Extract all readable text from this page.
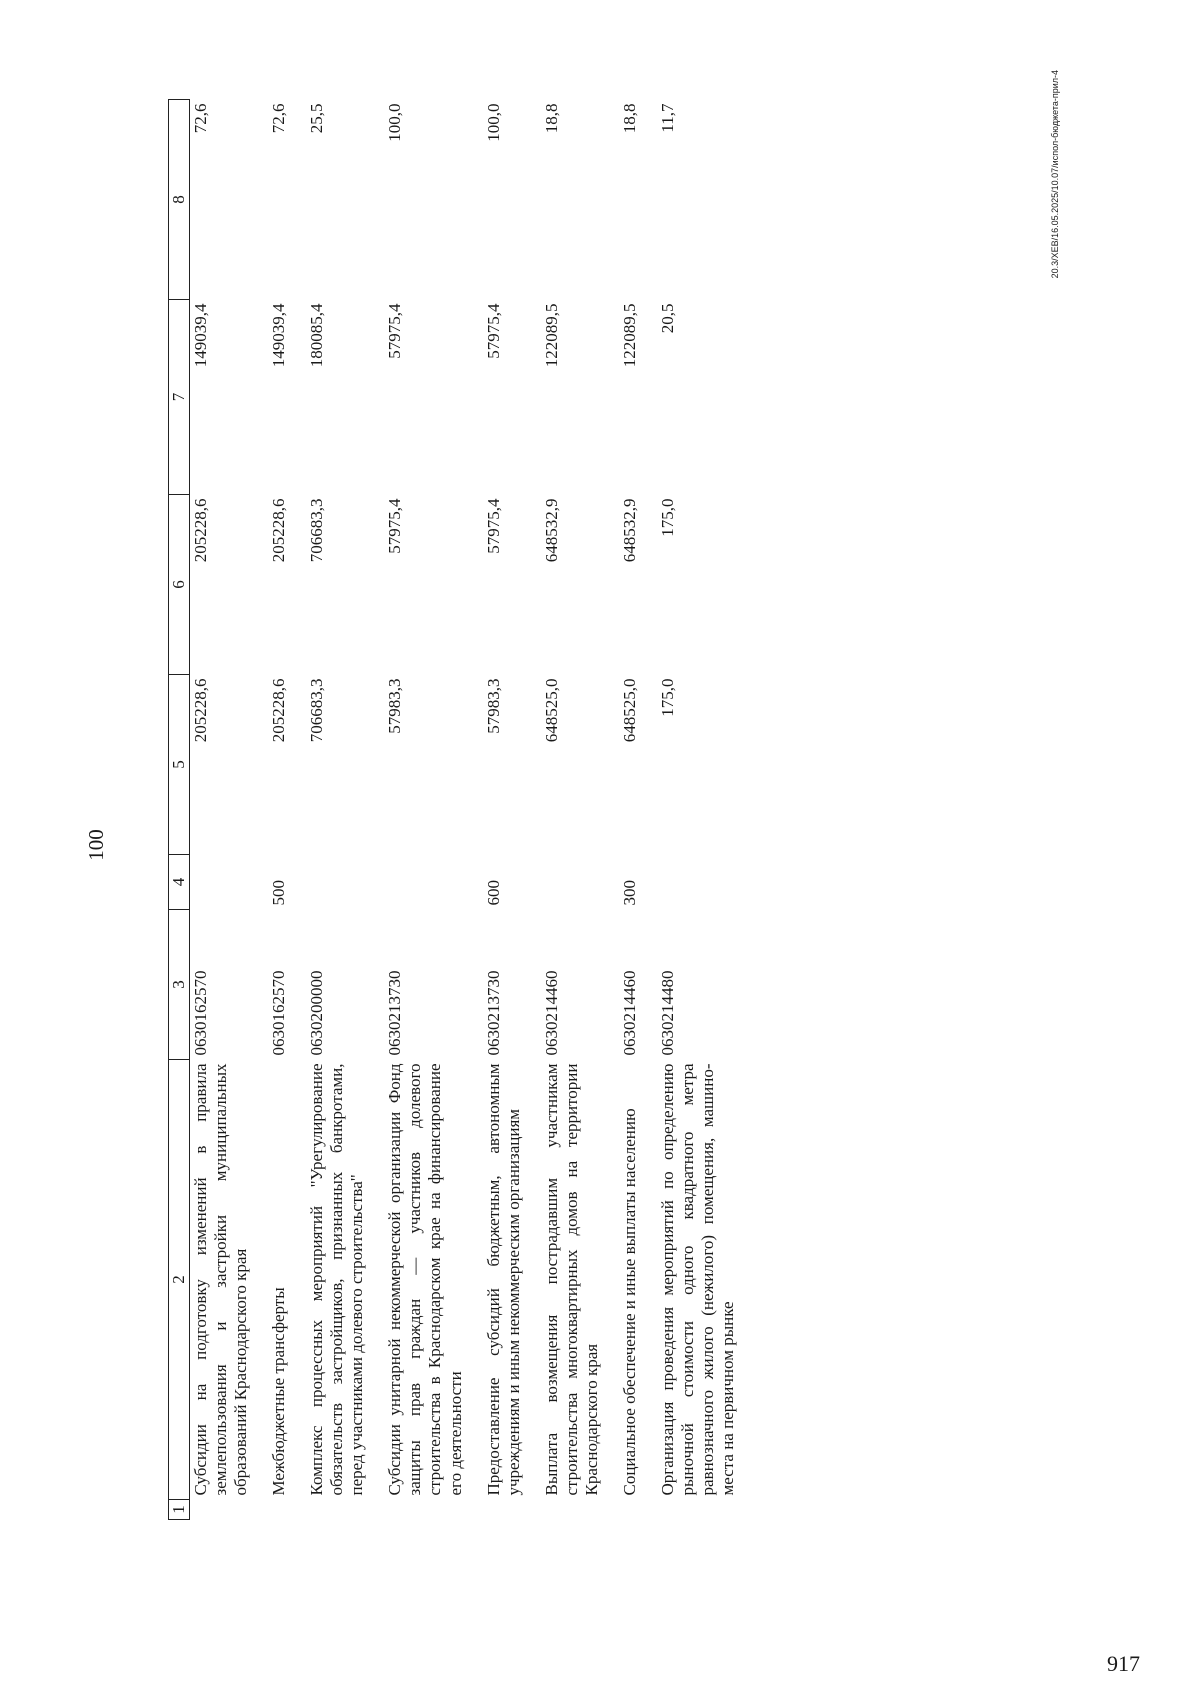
100
1	2	3	4	5	6	7	8
	Субсидии на подготовку изменений в правила землепользования и застройки муниципальных образований Краснодарского края	0630162570		205228,6	205228,6	149039,4	72,6
	Межбюджетные трансферты	0630162570	500	205228,6	205228,6	149039,4	72,6
	Комплекс процессных мероприятий "Урегулирование обязательств застройщиков, признанных банкротами, перед участниками долевого строительства"	0630200000		706683,3	706683,3	180085,4	25,5
	Субсидии унитарной некоммерческой организации Фонд защиты прав граждан — участников долевого строительства в Краснодарском крае на финансирование его деятельности	0630213730		57983,3	57975,4	57975,4	100,0
	Предоставление субсидий бюджетным, автономным учреждениям и иным некоммерческим организациям	0630213730	600	57983,3	57975,4	57975,4	100,0
	Выплата возмещения пострадавшим участникам строительства многоквартирных домов на территории Краснодарского края	0630214460		648525,0	648532,9	122089,5	18,8
	Социальное обеспечение и иные выплаты населению	0630214460	300	648525,0	648532,9	122089,5	18,8
	Организация проведения мероприятий по определению рыночной стоимости одного квадратного метра равнозначного жилого (нежилого) помещения, машино-места на первичном рынке	0630214480		175,0	175,0	20,5	11,7	20.3/XEB/16.05.2025/10.07/испол-бюджета-прил-4
917
